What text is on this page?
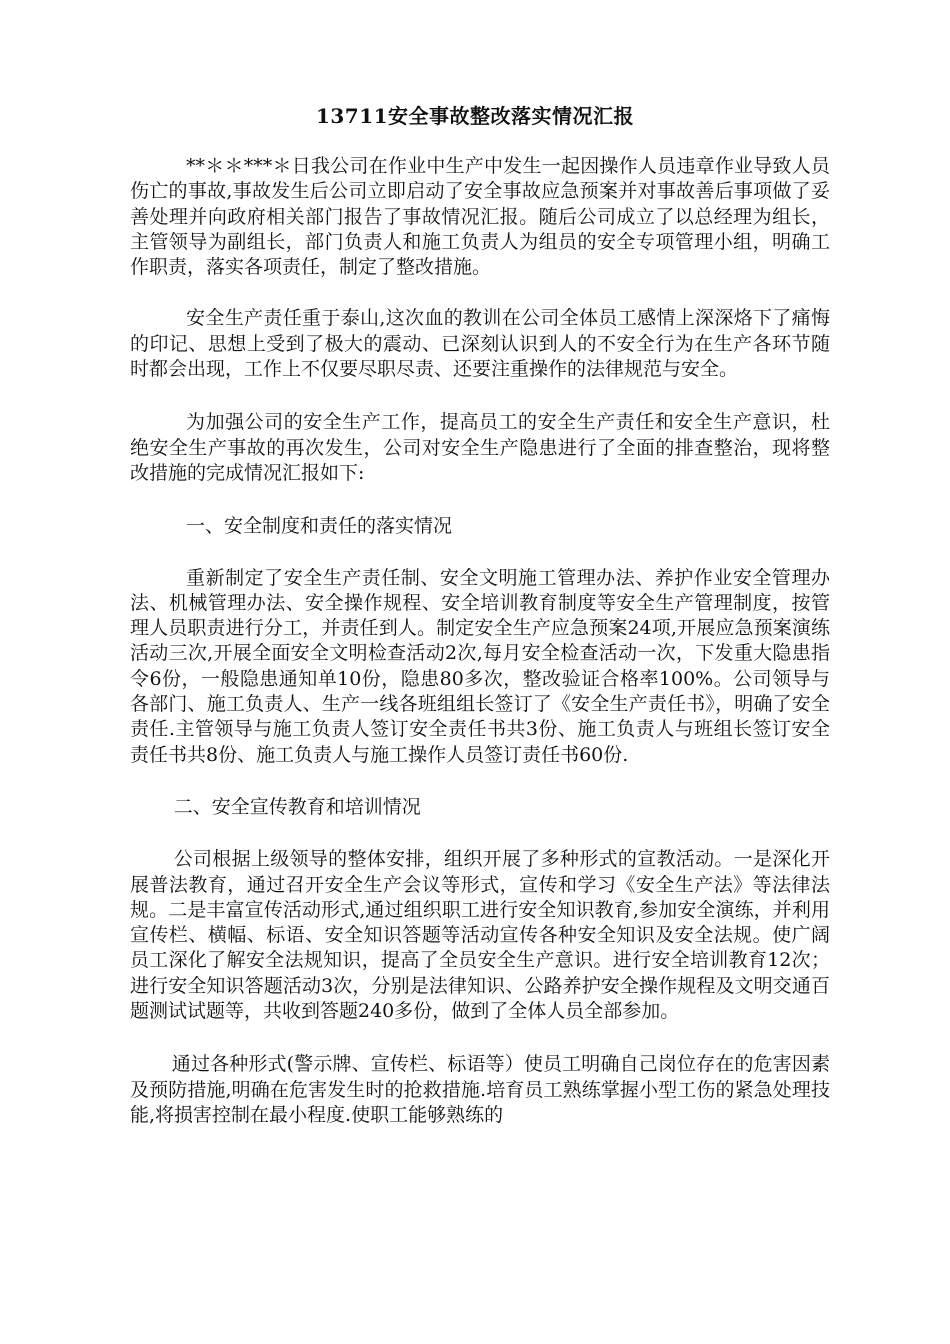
13711安全事故整改落实情况汇报

**＊＊***＊日我公司在作业中生产中发生一起因操作人员违章作业导致人员伤亡的事故,事故发生后公司立即启动了安全事故应急预案并对事故善后事项做了妥善处理并向政府相关部门报告了事故情况汇报。随后公司成立了以总经理为组长，主管领导为副组长，部门负责人和施工负责人为组员的安全专项管理小组，明确工作职责，落实各项责任，制定了整改措施。

安全生产责任重于泰山,这次血的教训在公司全体员工感情上深深烙下了痛悔的印记、思想上受到了极大的震动、已深刻认识到人的不安全行为在生产各环节随时都会出现，工作上不仅要尽职尽责、还要注重操作的法律规范与安全。

为加强公司的安全生产工作，提高员工的安全生产责任和安全生产意识，杜绝安全生产事故的再次发生，公司对安全生产隐患进行了全面的排查整治，现将整改措施的完成情况汇报如下:

一、安全制度和责任的落实情况

重新制定了安全生产责任制、安全文明施工管理办法、养护作业安全管理办法、机械管理办法、安全操作规程、安全培训教育制度等安全生产管理制度，按管理人员职责进行分工，并责任到人。制定安全生产应急预案24项,开展应急预案演练活动三次,开展全面安全文明检查活动2次,每月安全检查活动一次，下发重大隐患指令6份，一般隐患通知单10份，隐患80多次，整改验证合格率100%。公司领导与各部门、施工负责人、生产一线各班组组长签订了《安全生产责任书》，明确了安全责任.主管领导与施工负责人签订安全责任书共3份、施工负责人与班组长签订安全责任书共8份、施工负责人与施工操作人员签订责任书60份.

二、安全宣传教育和培训情况

公司根据上级领导的整体安排，组织开展了多种形式的宣教活动。一是深化开展普法教育，通过召开安全生产会议等形式，宣传和学习《安全生产法》等法律法规。二是丰富宣传活动形式,通过组织职工进行安全知识教育,参加安全演练，并利用宣传栏、横幅、标语、安全知识答题等活动宣传各种安全知识及安全法规。使广阔员工深化了解安全法规知识，提高了全员安全生产意识。进行安全培训教育12次；进行安全知识答题活动3次，分别是法律知识、公路养护安全操作规程及文明交通百题测试试题等，共收到答题240多份，做到了全体人员全部参加。

通过各种形式(警示牌、宣传栏、标语等）使员工明确自己岗位存在的危害因素及预防措施,明确在危害发生时的抢救措施.培育员工熟练掌握小型工伤的紧急处理技能,将损害控制在最小程度.使职工能够熟练的
